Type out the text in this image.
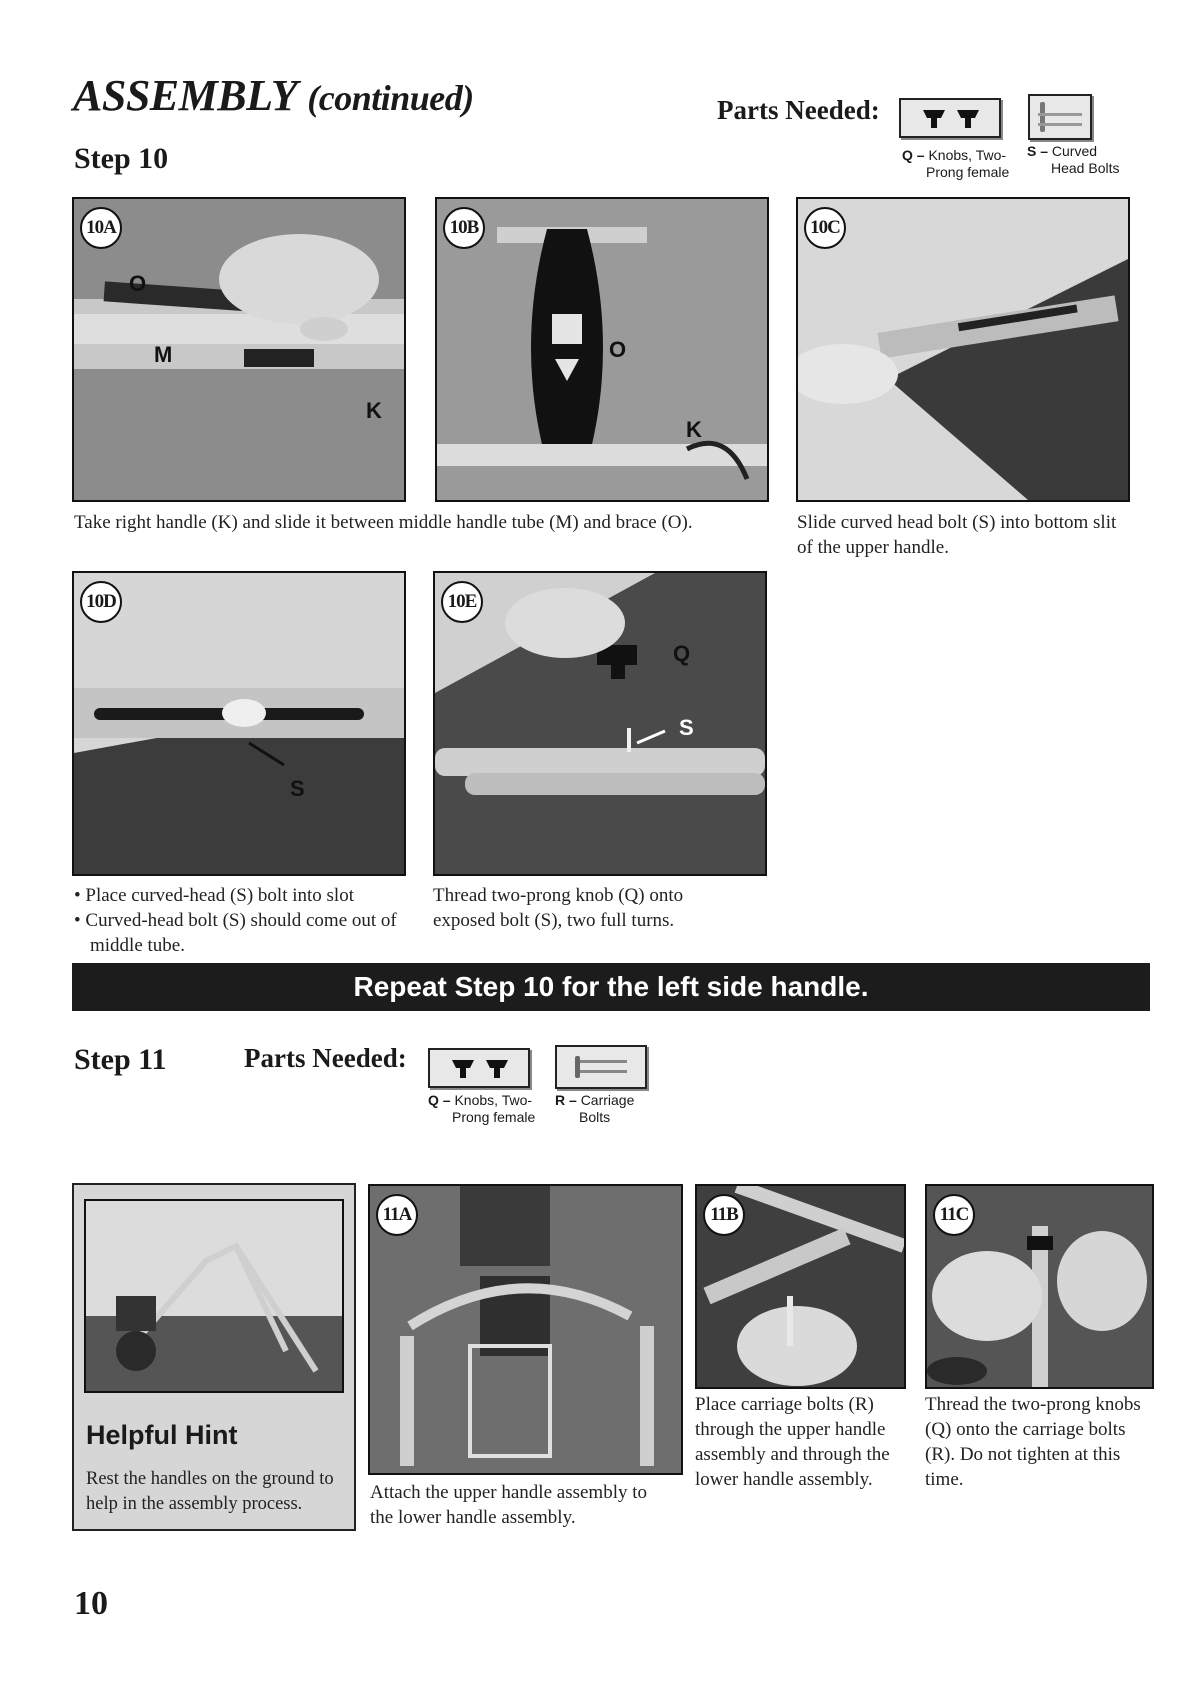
ASSEMBLY (continued)
Step 10
Parts Needed:
Q – Knobs, Two-
Prong female
S – Curved
Head Bolts
10A
O
M
K
10B
O
K
10C
Take right handle (K) and slide it between middle handle tube (M) and brace (O).	Slide curved head bolt (S) into bottom slit of the upper handle.
10D
S
10E
Q
S
• Place curved-head (S) bolt into slot
• Curved-head bolt (S) should come out of middle tube.
Thread two-prong knob (Q) onto exposed bolt (S), two full turns.
Repeat Step 10 for the left side handle.
Step 11	Parts Needed:
Q – Knobs, Two-
Prong female
R – Carriage
Bolts
Helpful Hint
Rest the handles on the ground to help in the assembly process.
11A	11B	11C
Attach the upper handle assembly to the lower handle assembly.
Place carriage bolts (R) through the upper handle assembly and through the lower handle assembly.
Thread the two-prong knobs (Q) onto the carriage bolts (R). Do not tighten at this time.
10
